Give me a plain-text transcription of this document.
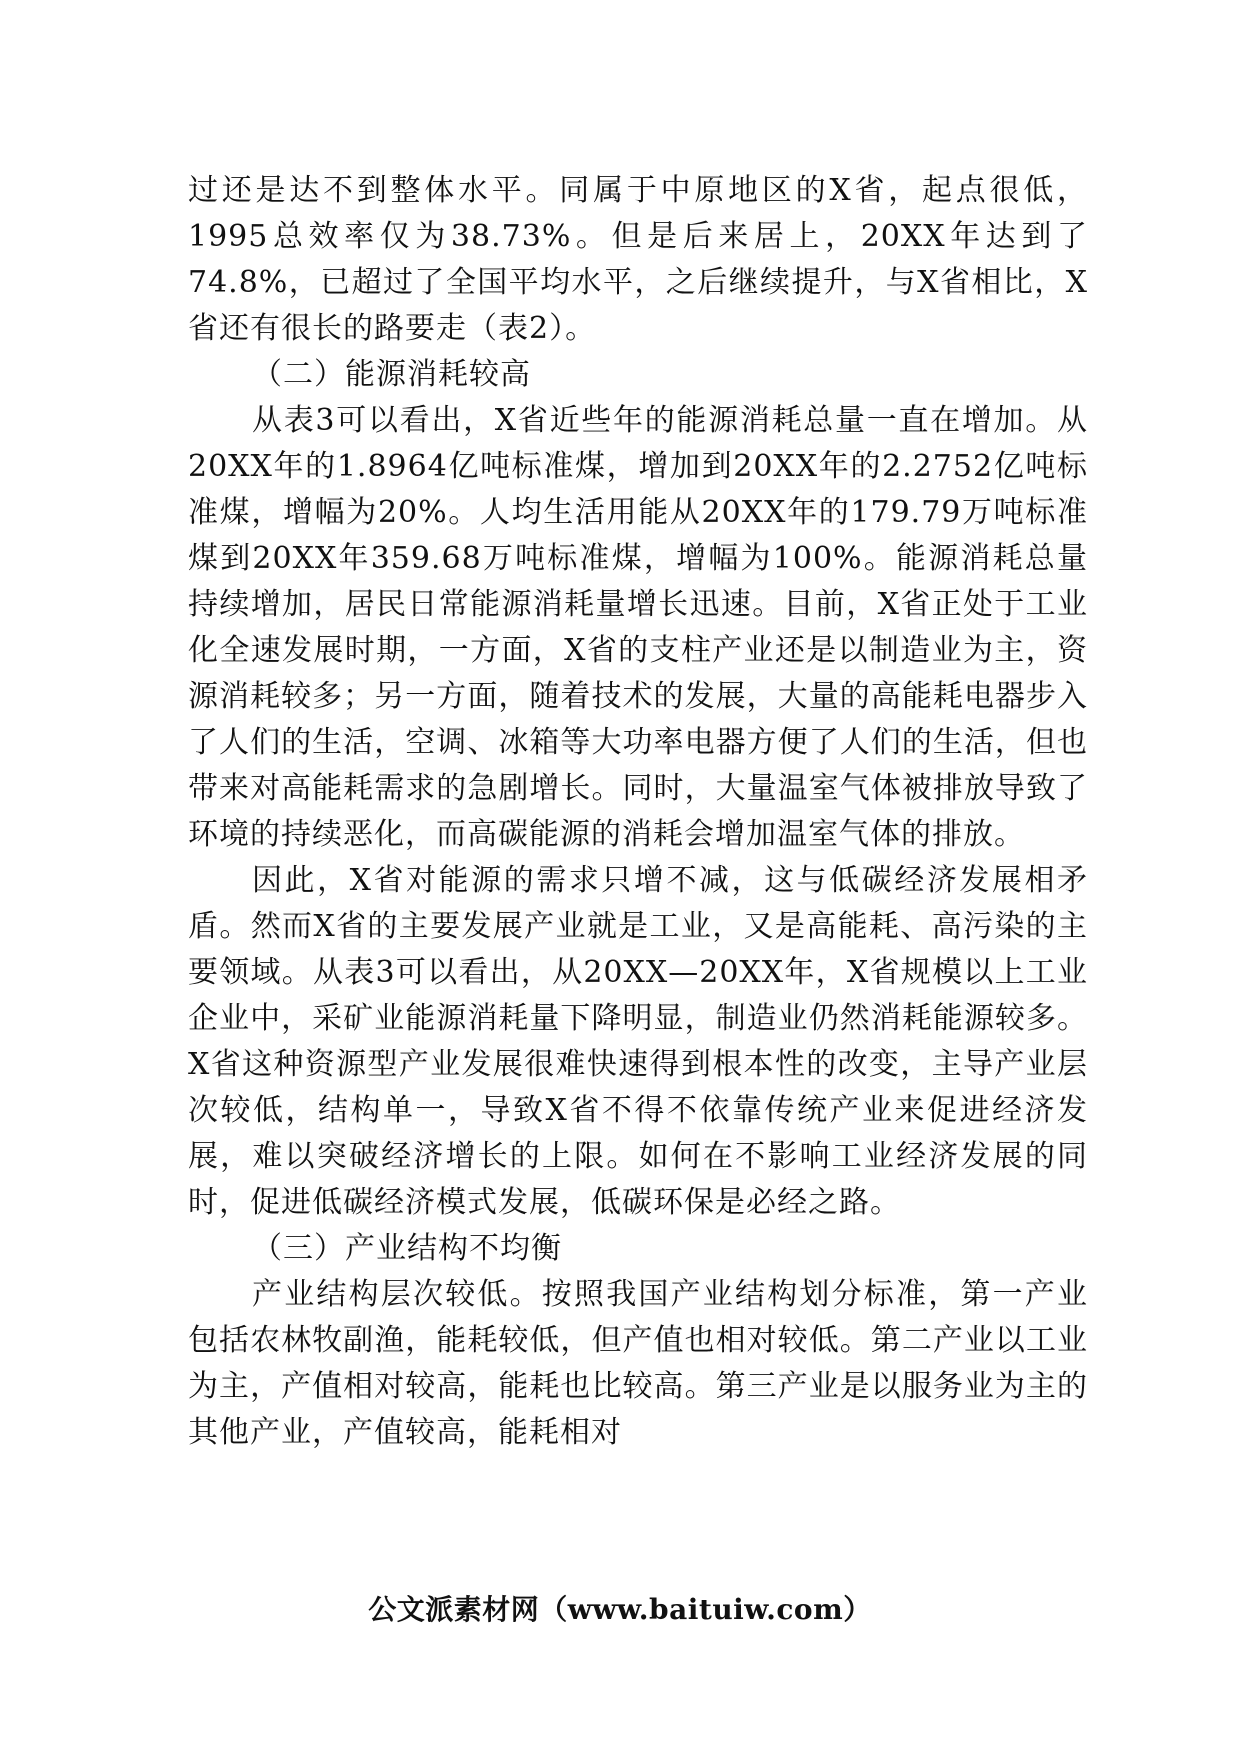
过还是达不到整体水平。同属于中原地区的X省，起点很低，1995总效率仅为38.73%。但是后来居上，20XX年达到了74.8%，已超过了全国平均水平，之后继续提升，与X省相比，X省还有很长的路要走（表2）。

（二）能源消耗较高

从表3可以看出，X省近些年的能源消耗总量一直在增加。从20XX年的1.8964亿吨标准煤，增加到20XX年的2.2752亿吨标准煤，增幅为20%。人均生活用能从20XX年的179.79万吨标准煤到20XX年359.68万吨标准煤，增幅为100%。能源消耗总量持续增加，居民日常能源消耗量增长迅速。目前，X省正处于工业化全速发展时期，一方面，X省的支柱产业还是以制造业为主，资源消耗较多；另一方面，随着技术的发展，大量的高能耗电器步入了人们的生活，空调、冰箱等大功率电器方便了人们的生活，但也带来对高能耗需求的急剧增长。同时，大量温室气体被排放导致了环境的持续恶化，而高碳能源的消耗会增加温室气体的排放。

因此，X省对能源的需求只增不减，这与低碳经济发展相矛盾。然而X省的主要发展产业就是工业，又是高能耗、高污染的主要领域。从表3可以看出，从20XX—20XX年，X省规模以上工业企业中，采矿业能源消耗量下降明显，制造业仍然消耗能源较多。X省这种资源型产业发展很难快速得到根本性的改变，主导产业层次较低，结构单一，导致X省不得不依靠传统产业来促进经济发展，难以突破经济增长的上限。如何在不影响工业经济发展的同时，促进低碳经济模式发展，低碳环保是必经之路。

（三）产业结构不均衡

产业结构层次较低。按照我国产业结构划分标准，第一产业包括农林牧副渔，能耗较低，但产值也相对较低。第二产业以工业为主，产值相对较高，能耗也比较高。第三产业是以服务业为主的其他产业，产值较高，能耗相对

公文派素材网（www.baituiw.com）
